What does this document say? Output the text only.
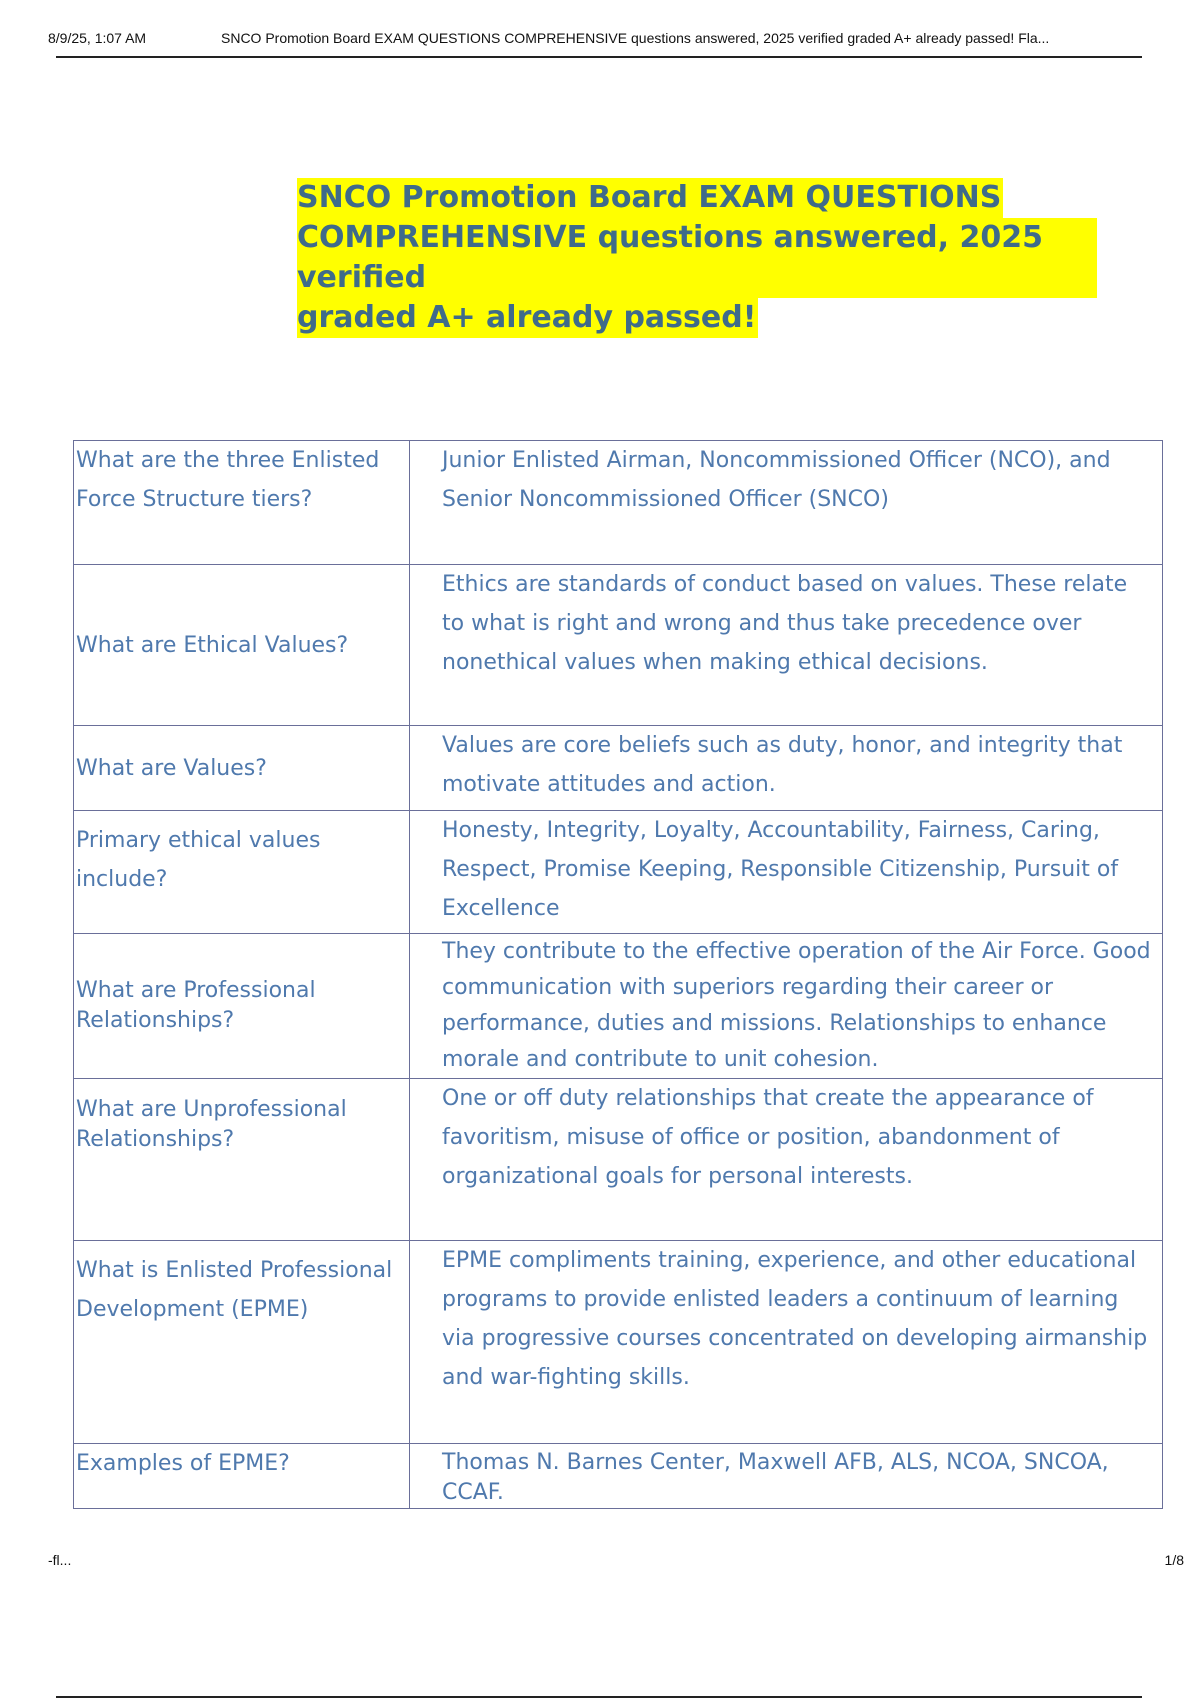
8/9/25, 1:07 AM	SNCO Promotion Board EXAM QUESTIONS COMPREHENSIVE questions answered, 2025 verified graded A+ already passed! Fla...
SNCO Promotion Board EXAM QUESTIONS
COMPREHENSIVE questions answered, 2025 verified
graded A+ already passed!
What are the three Enlisted Force Structure tiers?	Junior Enlisted Airman, Noncommissioned Officer (NCO), and Senior Noncommissioned Officer (SNCO)
What are Ethical Values?	Ethics are standards of conduct based on values. These relate to what is right and wrong and thus take precedence over nonethical values when making ethical decisions.
What are Values?	Values are core beliefs such as duty, honor, and integrity that motivate attitudes and action.
Primary ethical values include?	Honesty, Integrity, Loyalty, Accountability, Fairness, Caring, Respect, Promise Keeping, Responsible Citizenship, Pursuit of Excellence
What are Professional Relationships?	They contribute to the effective operation of the Air Force. Good communication with superiors regarding their career or performance, duties and missions. Relationships to enhance morale and contribute to unit cohesion.
What are Unprofessional Relationships?	One or off duty relationships that create the appearance of favoritism, misuse of office or position, abandonment of organizational goals for personal interests.
What is Enlisted Professional Development (EPME)	EPME compliments training, experience, and other educational programs to provide enlisted leaders a continuum of learning via progressive courses concentrated on developing airmanship and war-fighting skills.
Examples of EPME?	Thomas N. Barnes Center, Maxwell AFB, ALS, NCOA, SNCOA, CCAF.
-fl...	1/8
